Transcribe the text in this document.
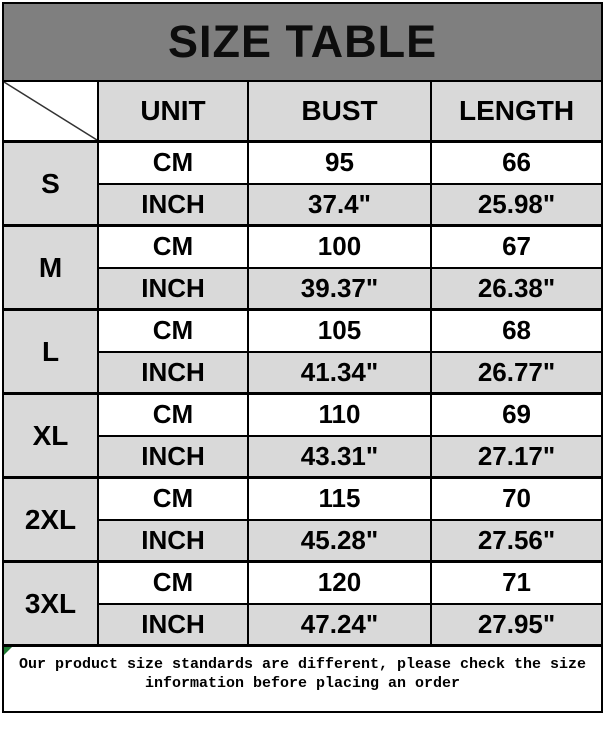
SIZE TABLE			

	UNIT	BUST	LENGTH
S	CM	95	66
	INCH	37.4"	25.98"
M	CM	100	67
	INCH	39.37"	26.38"
L	CM	105	68
	INCH	41.34"	26.77"
XL	CM	110	69
	INCH	43.31"	27.17"
2XL	CM	115	70
	INCH	45.28"	27.56"
3XL	CM	120	71
	INCH	47.24"	27.95"

Our product size standards are different, please check the size
information before placing an order			
